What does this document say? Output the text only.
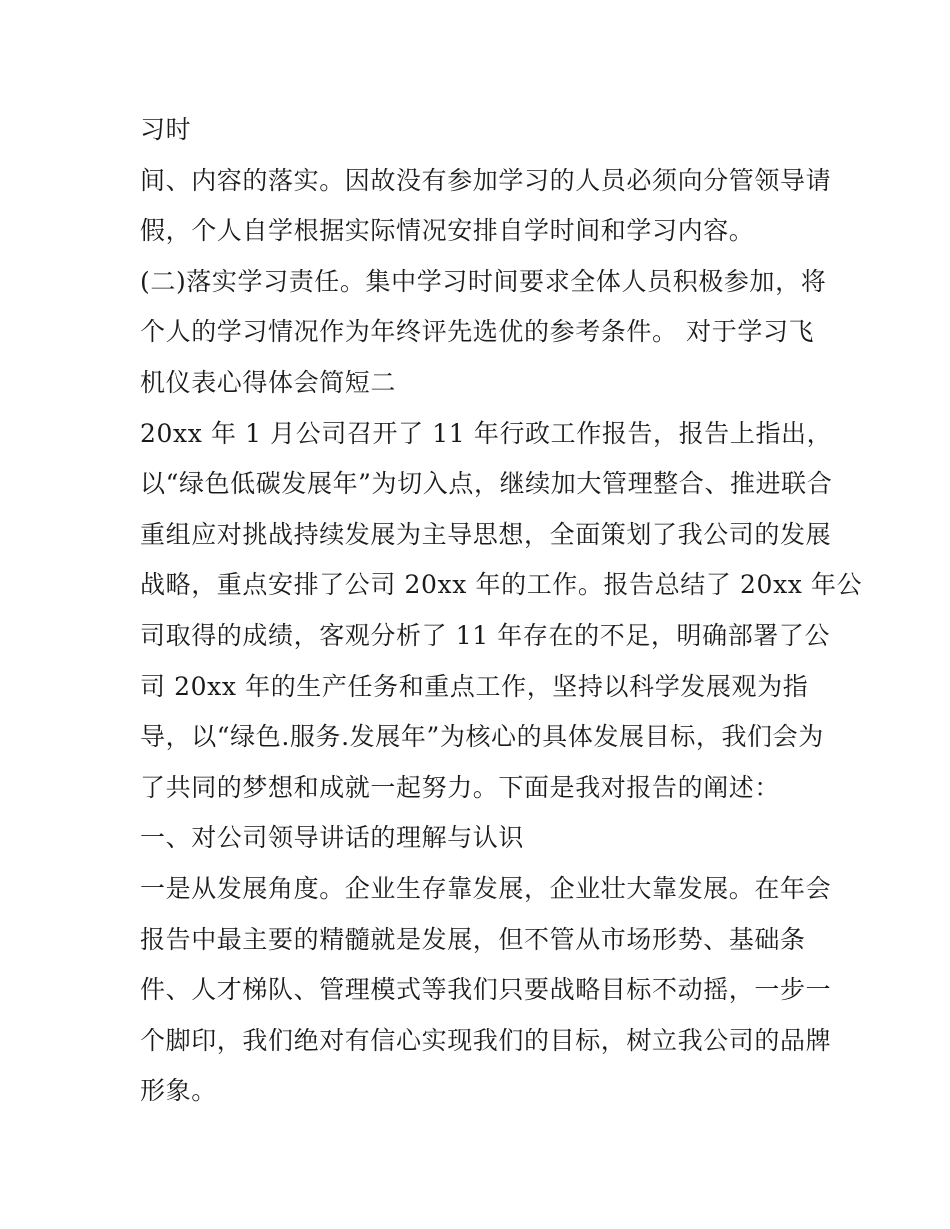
习时
间、内容的落实。因故没有参加学习的人员必须向分管领导请
假，个人自学根据实际情况安排自学时间和学习内容。
(二)落实学习责任。集中学习时间要求全体人员积极参加，将
个人的学习情况作为年终评先选优的参考条件。 对于学习飞
机仪表心得体会简短二
20xx 年 1 月公司召开了 11 年行政工作报告，报告上指出，
以“绿色低碳发展年”为切入点，继续加大管理整合、推进联合
重组应对挑战持续发展为主导思想，全面策划了我公司的发展
战略，重点安排了公司 20xx 年的工作。报告总结了 20xx 年公
司取得的成绩，客观分析了 11 年存在的不足，明确部署了公
司 20xx 年的生产任务和重点工作，坚持以科学发展观为指
导，以“绿色.服务.发展年”为核心的具体发展目标，我们会为
了共同的梦想和成就一起努力。下面是我对报告的阐述：
一、对公司领导讲话的理解与认识
一是从发展角度。企业生存靠发展，企业壮大靠发展。在年会
报告中最主要的精髓就是发展，但不管从市场形势、基础条
件、人才梯队、管理模式等我们只要战略目标不动摇，一步一
个脚印，我们绝对有信心实现我们的目标，树立我公司的品牌
形象。
